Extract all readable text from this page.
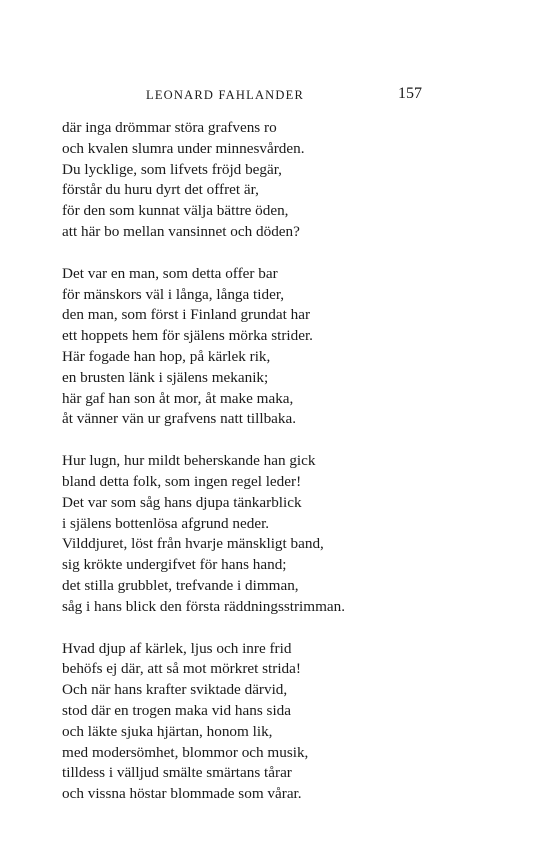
LEONARD FAHLANDER	157
där inga drömmar störa grafvens ro
och kvalen slumra under minnesvården.
Du lycklige, som lifvets fröjd begär,
förstår du huru dyrt det offret är,
för den som kunnat välja bättre öden,
att här bo mellan vansinnet och döden?
Det var en man, som detta offer bar
för mänskors väl i långa, långa tider,
den man, som först i Finland grundat har
ett hoppets hem för själens mörka strider.
Här fogade han hop, på kärlek rik,
en brusten länk i själens mekanik;
här gaf han son åt mor, åt make maka,
åt vänner vän ur grafvens natt tillbaka.
Hur lugn, hur mildt beherskande han gick
bland detta folk, som ingen regel leder!
Det var som såg hans djupa tänkarblick
i själens bottenlösa afgrund neder.
Vilddjuret, löst från hvarje mänskligt band,
sig krökte undergifvet för hans hand;
det stilla grubblet, trefvande i dimman,
såg i hans blick den första räddningsstrimman.
Hvad djup af kärlek, ljus och inre frid
behöfs ej där, att så mot mörkret strida!
Och när hans krafter sviktade därvid,
stod där en trogen maka vid hans sida
och läkte sjuka hjärtan, honom lik,
med modersömhet, blommor och musik,
tilldess i välljud smälte smärtans tårar
och vissna höstar blommade som vårar.
